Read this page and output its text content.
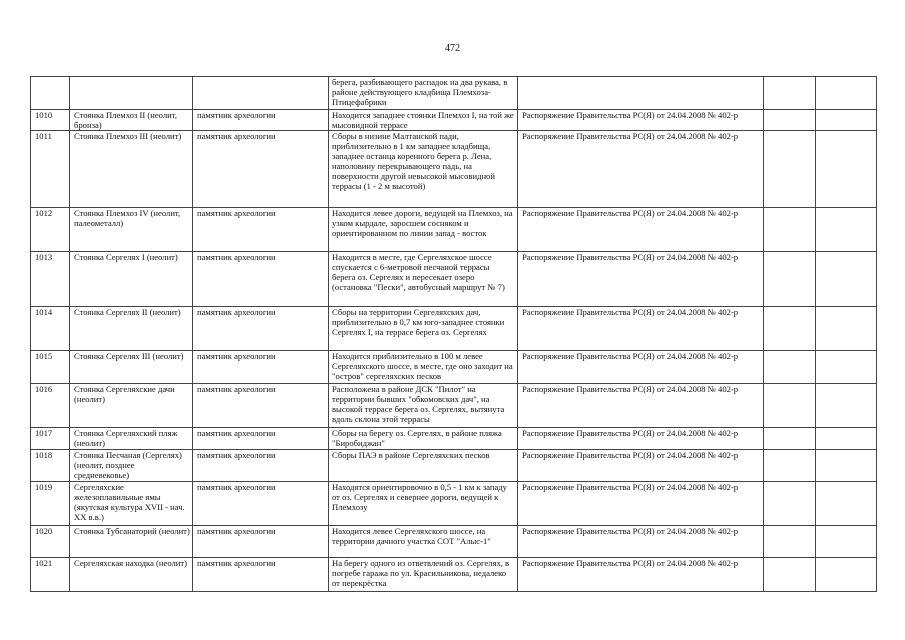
472
			берега, разбивающего распадок на два рукава, в районе действующего кладбища Племхоза-Птицефабрики			
1010	Стоянка Племхоз II (неолит, бронза)	памятник археологии	Находится западнее стоянки Племхоз I, на той же мысовидной террасе	Распоряжение Правительства РС(Я) от 24.04.2008 № 402-р		
1011	Стоянка Племхоз III (неолит)	памятник археологии	Сборы в низине Малтанской пади, приблизительно в 1 км западнее кладбища, западнее останца коренного берега р. Лена, наполовину перекрывающего падь, на поверхности другой невысокой мысовидной террасы (1 - 2 м высотой)	Распоряжение Правительства РС(Я) от 24.04.2008 № 402-р		
1012	Стоянка Племхоз IV (неолит, палеометалл)	памятник археологии	Находится левее дороги, ведущей на Племхоз, на узком кырдале, заросшем сосняком и ориентированном по линии запад - восток	Распоряжение Правительства РС(Я) от 24.04.2008 № 402-р		
1013	Стоянка Сергелях I (неолит)	памятник археологии	Находится в месте, где Сергеляхское шоссе спускается с 6-метровой песчаной террасы берега оз. Сергелях и пересекает озеро (остановка "Пески", автобусный маршрут № 7)	Распоряжение Правительства РС(Я) от 24.04.2008 № 402-р		
1014	Стоянка Сергелях II (неолит)	памятник археологии	Сборы на территории Сергеляхских дач, приблизительно в 0,7 км юго-западнее стоянки Сергелях I, на террасе берега оз. Сергелях	Распоряжение Правительства РС(Я) от 24.04.2008 № 402-р		
1015	Стоянка Сергелях III (неолит)	памятник археологии	Находится приблизительно в 100 м левее Сергеляхского шоссе, в месте, где оно заходит на "остров" сергеляхских песков	Распоряжение Правительства РС(Я) от 24.04.2008 № 402-р		
1016	Стоянка Сергеляхские дачи (неолит)	памятник археологии	Расположена в районе ДСК "Пилот" на территории бывших "обкомовских дач", на высокой террасе берега оз. Сергелях, вытянута вдоль склона этой террасы	Распоряжение Правительства РС(Я) от 24.04.2008 № 402-р		
1017	Стоянка Сергеляхский пляж (неолит)	памятник археологии	Сборы на берегу оз. Сергелях, в районе пляжа "Биробиджан"	Распоряжение Правительства РС(Я) от 24.04.2008 № 402-р		
1018	Стоянка Песчаная (Сергелях) (неолит, позднее средневековье)	памятник археологии	Сборы ПАЭ в районе Сергеляхских песков	Распоряжение Правительства РС(Я) от 24.04.2008 № 402-р		
1019	Сергеляхские железоплавильные ямы (якутская культура XVII - нач. XX в.в.)	памятник археологии	Находятся ориентировочно в 0,5 - 1 км к западу от оз. Сергелях и севернее дороги, ведущей к Племхозу	Распоряжение Правительства РС(Я) от 24.04.2008 № 402-р		
1020	Стоянка Тубсанаторий (неолит)	памятник археологии	Находится левее Сергеляхского шоссе, на территории дачного участка СОТ "Алыс-1"	Распоряжение Правительства РС(Я) от 24.04.2008 № 402-р		
1021	Сергеляхская находка (неолит)	памятник археологии	На берегу одного из ответвлений оз. Сергелях, в погребе гаража по ул. Красильникова, недалеко от перекрёстка	Распоряжение Правительства РС(Я) от 24.04.2008 № 402-р		
